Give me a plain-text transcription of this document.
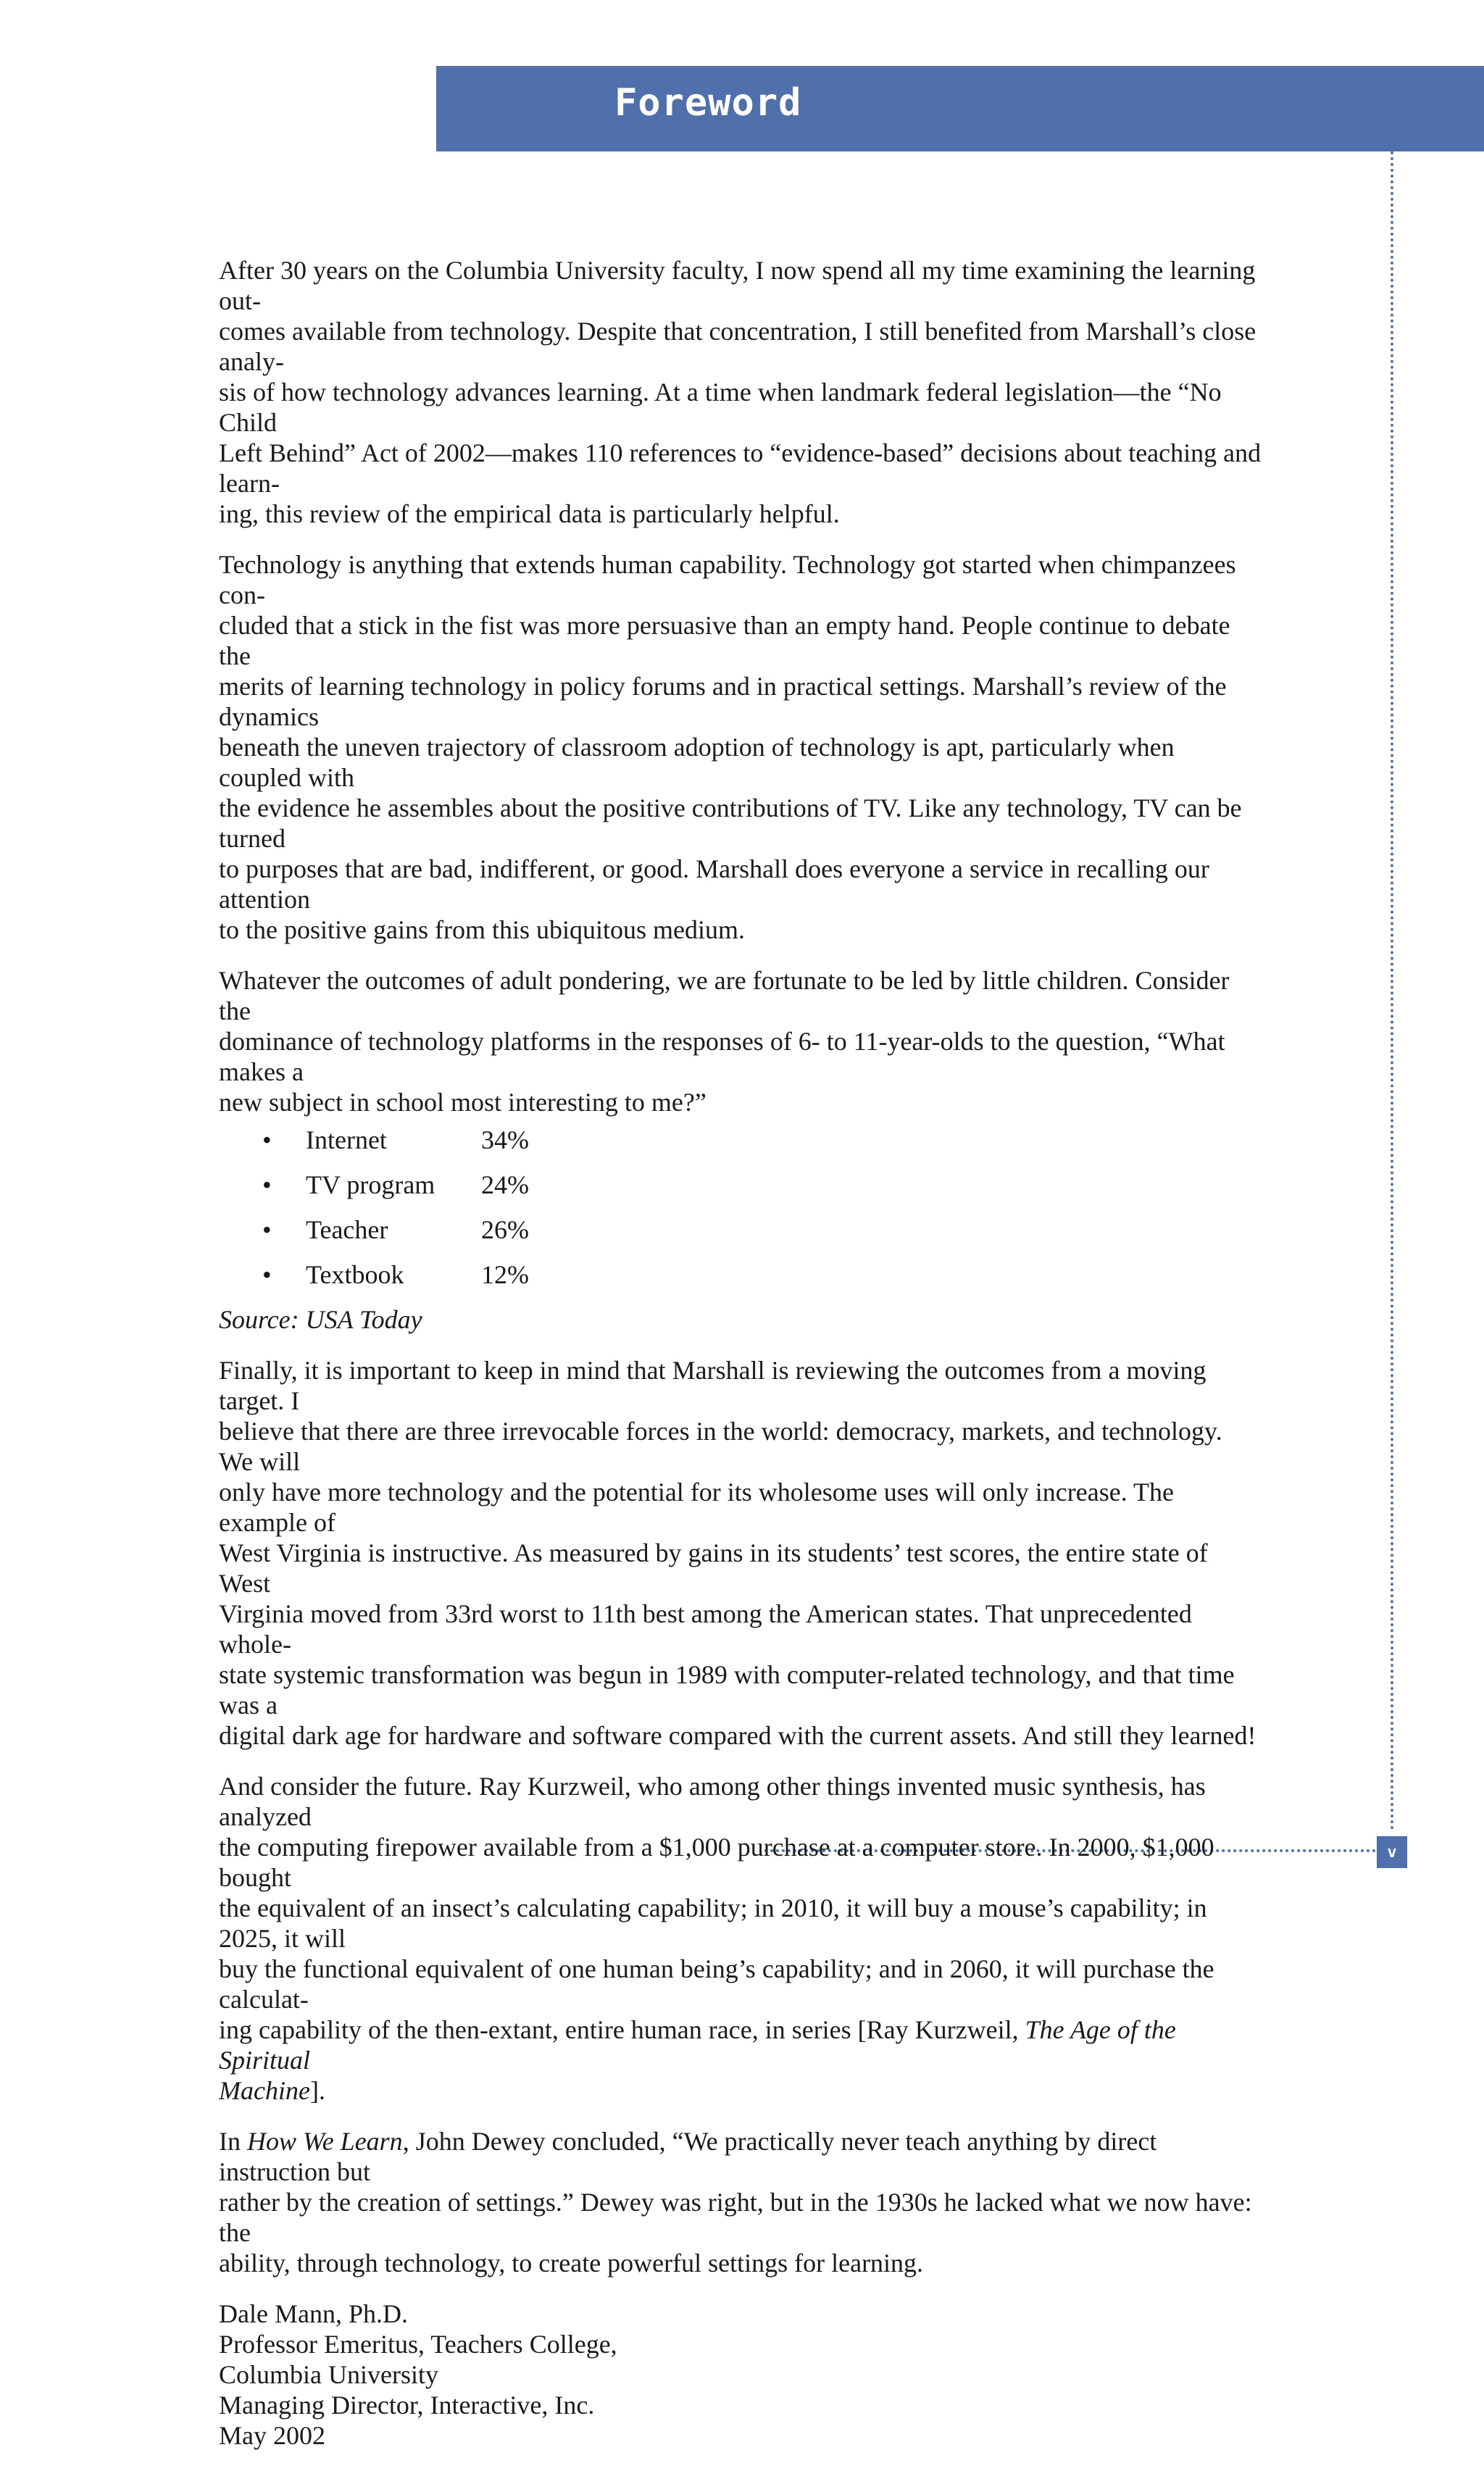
Foreword
v

After 30 years on the Columbia University faculty, I now spend all my time examining the learning out-
comes available from technology. Despite that concentration, I still benefited from Marshall’s close analy-
sis of how technology advances learning. At a time when landmark federal legislation—the “No Child
Left Behind” Act of 2002—makes 110 references to “evidence-based” decisions about teaching and learn-
ing, this review of the empirical data is particularly helpful.

Technology is anything that extends human capability. Technology got started when chimpanzees con-
cluded that a stick in the fist was more persuasive than an empty hand. People continue to debate the
merits of learning technology in policy forums and in practical settings. Marshall’s review of the dynamics
beneath the uneven trajectory of classroom adoption of technology is apt, particularly when coupled with
the evidence he assembles about the positive contributions of TV. Like any technology, TV can be turned
to purposes that are bad, indifferent, or good. Marshall does everyone a service in recalling our attention
to the positive gains from this ubiquitous medium.

Whatever the outcomes of adult pondering, we are fortunate to be led by little children. Consider the
dominance of technology platforms in the responses of 6- to 11-year-olds to the question, “What makes a
new subject in school most interesting to me?”

•	Internet	34%
•	TV program	24%
•	Teacher	26%
•	Textbook	12%

Source: USA Today

Finally, it is important to keep in mind that Marshall is reviewing the outcomes from a moving target. I
believe that there are three irrevocable forces in the world: democracy, markets, and technology. We will
only have more technology and the potential for its wholesome uses will only increase. The example of
West Virginia is instructive. As measured by gains in its students’ test scores, the entire state of West
Virginia moved from 33rd worst to 11th best among the American states. That unprecedented whole-
state systemic transformation was begun in 1989 with computer-related technology, and that time was a
digital dark age for hardware and software compared with the current assets. And still they learned!

And consider the future. Ray Kurzweil, who among other things invented music synthesis, has analyzed
the computing firepower available from a $1,000 purchase at a computer store. In 2000, $1,000 bought
the equivalent of an insect’s calculating capability; in 2010, it will buy a mouse’s capability; in 2025, it will
buy the functional equivalent of one human being’s capability; and in 2060, it will purchase the calculat-
ing capability of the then-extant, entire human race, in series [Ray Kurzweil, The Age of the Spiritual
Machine].

In How We Learn, John Dewey concluded, “We practically never teach anything by direct instruction but
rather by the creation of settings.” Dewey was right, but in the 1930s he lacked what we now have: the
ability, through technology, to create powerful settings for learning.

Dale Mann, Ph.D.
Professor Emeritus, Teachers College,
Columbia University
Managing Director, Interactive, Inc.
May 2002
